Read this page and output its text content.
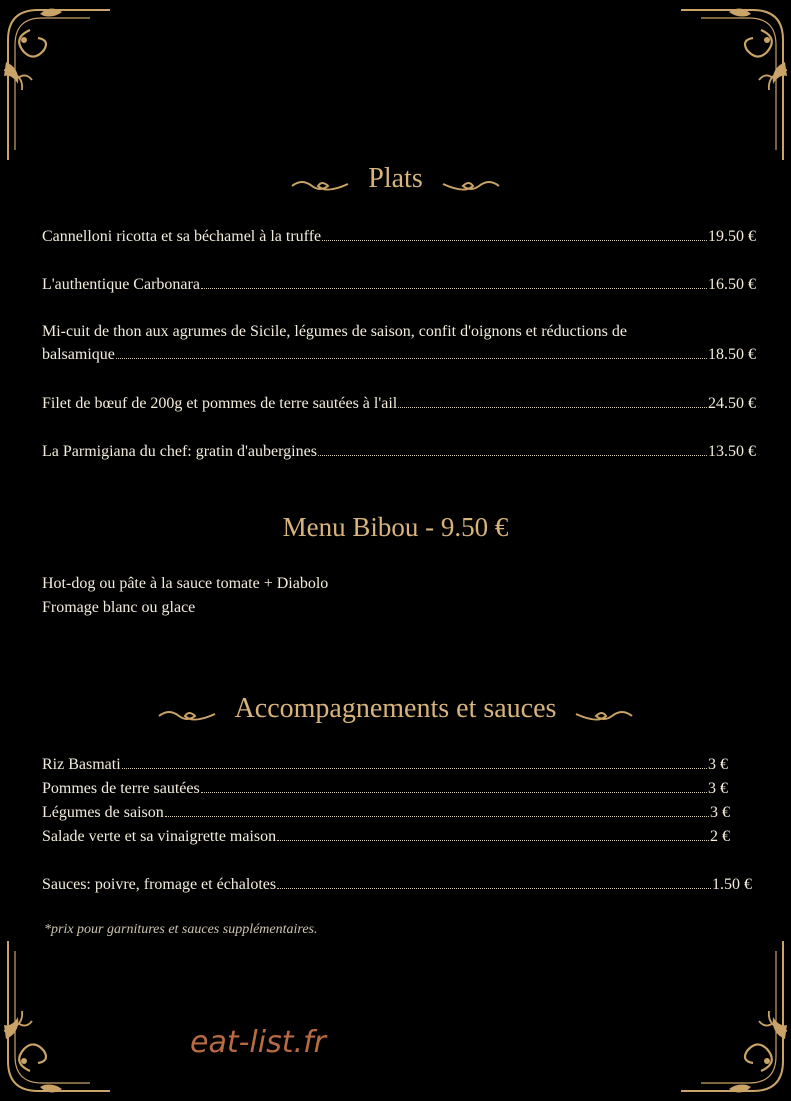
Plats
Cannelloni ricotta et sa béchamel à la truffe	19.50 €
L'authentique Carbonara	16.50 €
Mi-cuit de thon aux agrumes de Sicile, légumes de saison, confit d'oignons et réductions de
balsamique	18.50 €
Filet de bœuf de 200g et pommes de terre sautées à l'ail	24.50 €
La Parmigiana du chef: gratin d'aubergines	13.50 €
Menu Bibou - 9.50 €
Hot-dog ou pâte à la sauce tomate + Diabolo
Fromage blanc ou glace
Accompagnements et sauces
Riz Basmati	3 €
Pommes de terre sautées	3 €
Légumes de saison	3 €
Salade verte et sa vinaigrette maison	2 €
Sauces: poivre, fromage et échalotes	1.50 €
*prix pour garnitures et sauces supplémentaires.
eat-list.fr
